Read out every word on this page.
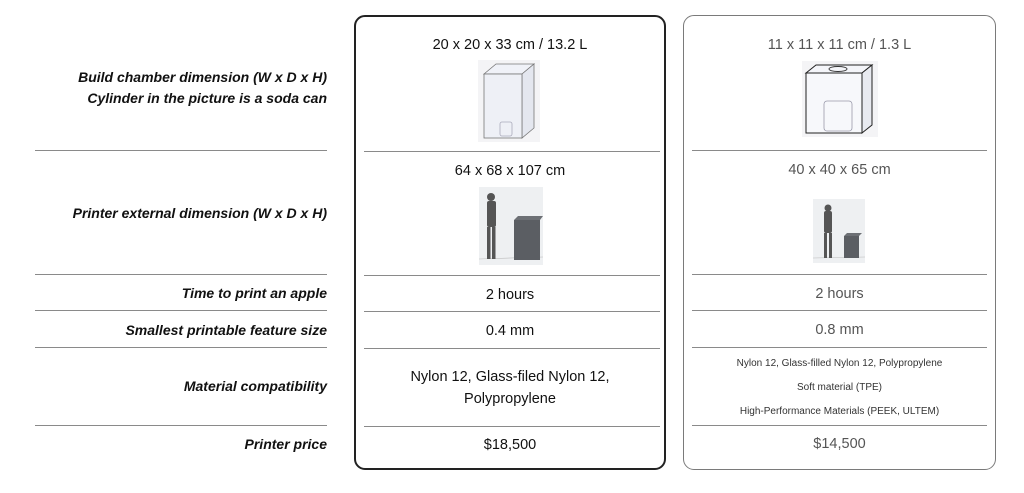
Build chamber dimension (W x D x H)
Cylinder in the picture is a soda can
Printer external dimension (W x D x H)
Time to print an apple
Smallest printable feature size
Material compatibility
Printer price
20 x 20 x 33 cm / 13.2 L
64 x 68 x 107 cm
2 hours
0.4 mm
Nylon 12, Glass-filed Nylon 12,
Polypropylene
$18,500
11 x 11 x 11 cm / 1.3 L
40 x 40 x 65 cm
2 hours
0.8 mm
Nylon 12, Glass-filled Nylon 12, Polypropylene
Soft material (TPE)
High-Performance Materials (PEEK, ULTEM)
$14,500
